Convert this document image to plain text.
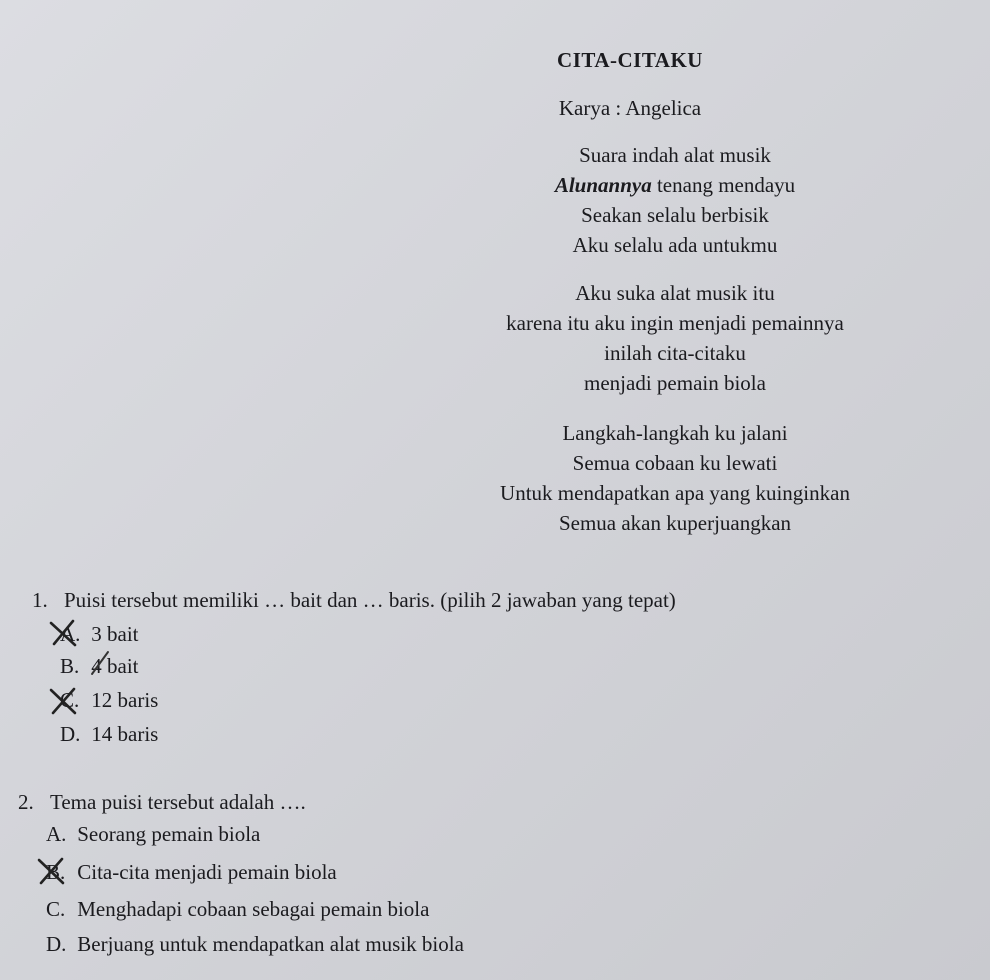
CITA-CITAKU
Karya : Angelica
Suara indah alat musik
Alunannya tenang mendayu
Seakan selalu berbisik
Aku selalu ada untukmu
Aku suka alat musik itu
karena itu aku ingin menjadi pemainnya
inilah cita-citaku
menjadi pemain biola
Langkah-langkah ku jalani
Semua cobaan ku lewati
Untuk mendapatkan apa yang kuinginkan
Semua akan kuperjuangkan
1. Puisi tersebut memiliki … bait dan … baris. (pilih 2 jawaban yang tepat)
A. 3 bait
B. 4 bait
C. 12 baris
D. 14 baris
2. Tema puisi tersebut adalah ….
A. Seorang pemain biola
B. Cita-cita menjadi pemain biola
C. Menghadapi cobaan sebagai pemain biola
D. Berjuang untuk mendapatkan alat musik biola
